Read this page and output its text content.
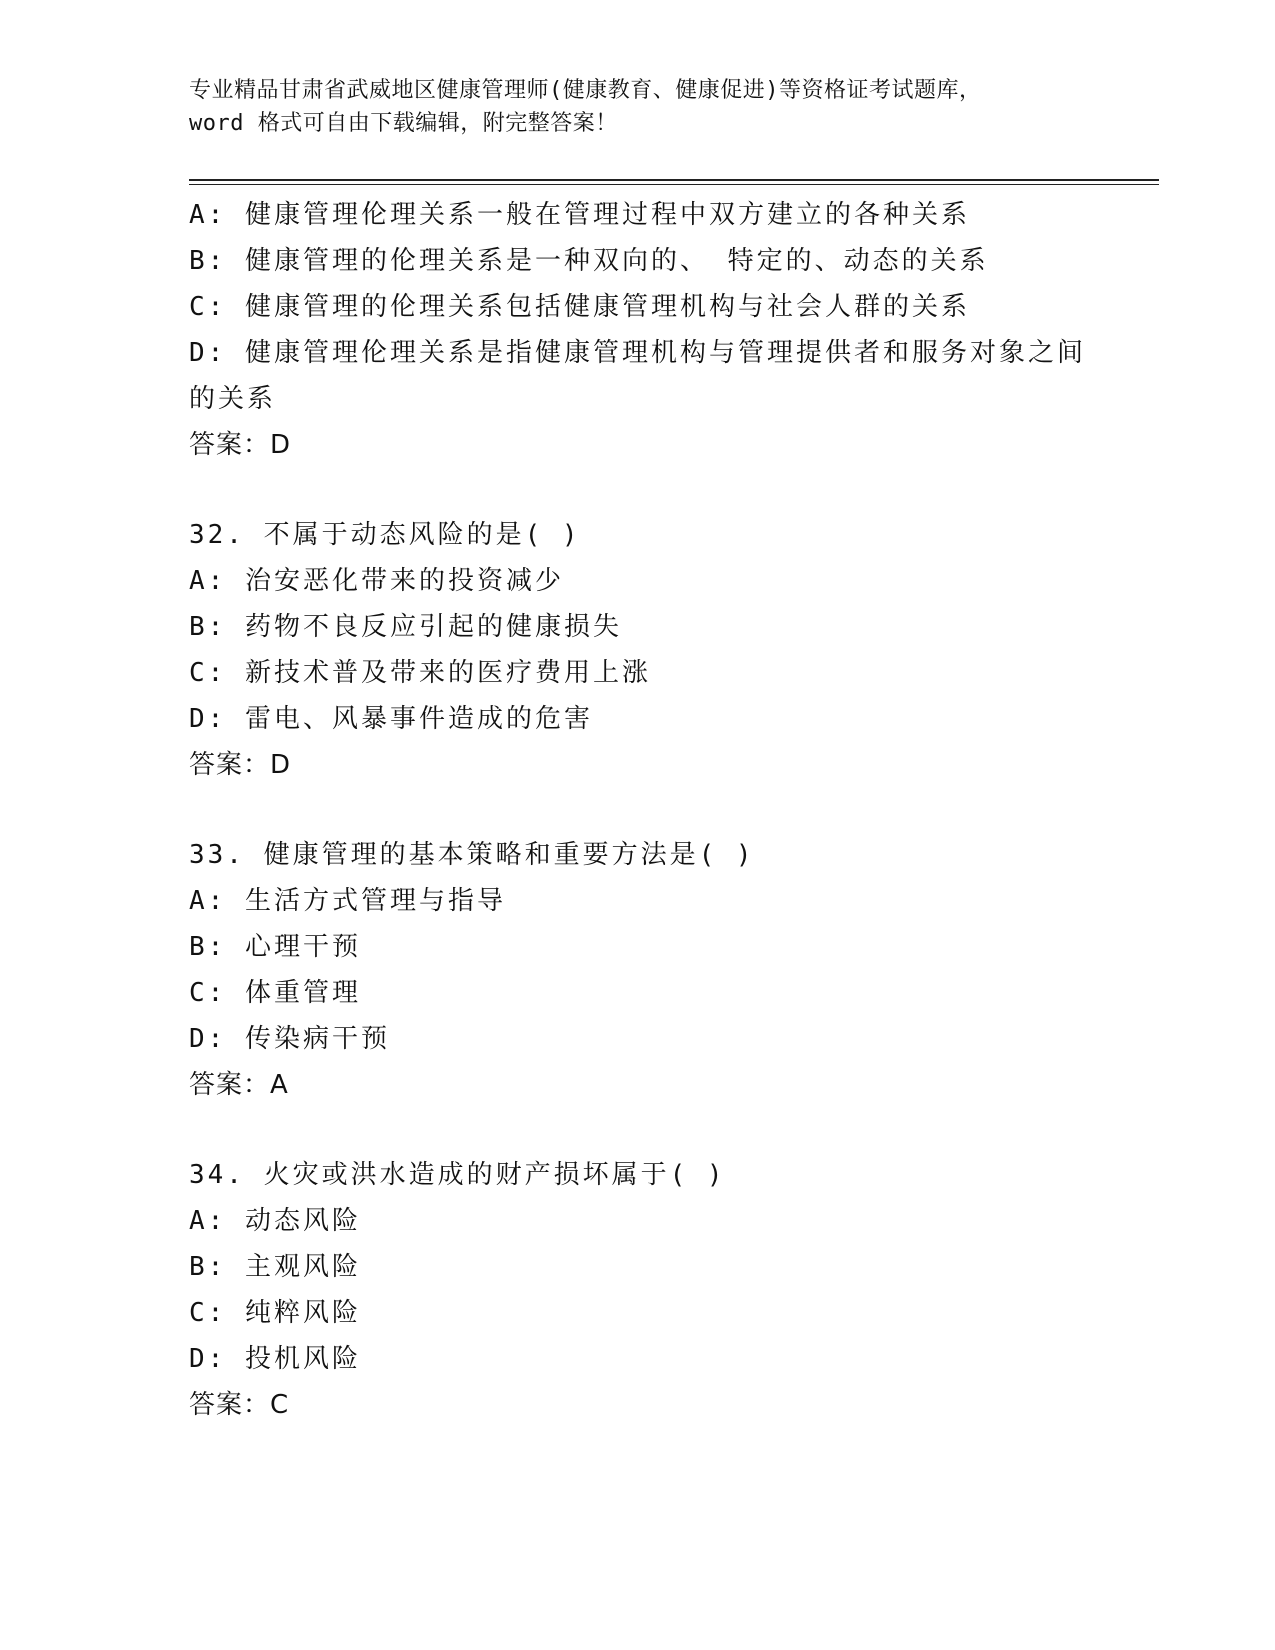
专业精品甘肃省武威地区健康管理师(健康教育、健康促进)等资格证考试题库，
word 格式可自由下载编辑，附完整答案！
A: 健康管理伦理关系一般在管理过程中双方建立的各种关系
B: 健康管理的伦理关系是一种双向的、 特定的、动态的关系
C: 健康管理的伦理关系包括健康管理机构与社会人群的关系
D: 健康管理伦理关系是指健康管理机构与管理提供者和服务对象之间
的关系
答案：D
32. 不属于动态风险的是( )
A: 治安恶化带来的投资减少
B: 药物不良反应引起的健康损失
C: 新技术普及带来的医疗费用上涨
D: 雷电、风暴事件造成的危害
答案：D
33. 健康管理的基本策略和重要方法是( )
A: 生活方式管理与指导
B: 心理干预
C: 体重管理
D: 传染病干预
答案：A
34. 火灾或洪水造成的财产损坏属于( )
A: 动态风险
B: 主观风险
C: 纯粹风险
D: 投机风险
答案：C
